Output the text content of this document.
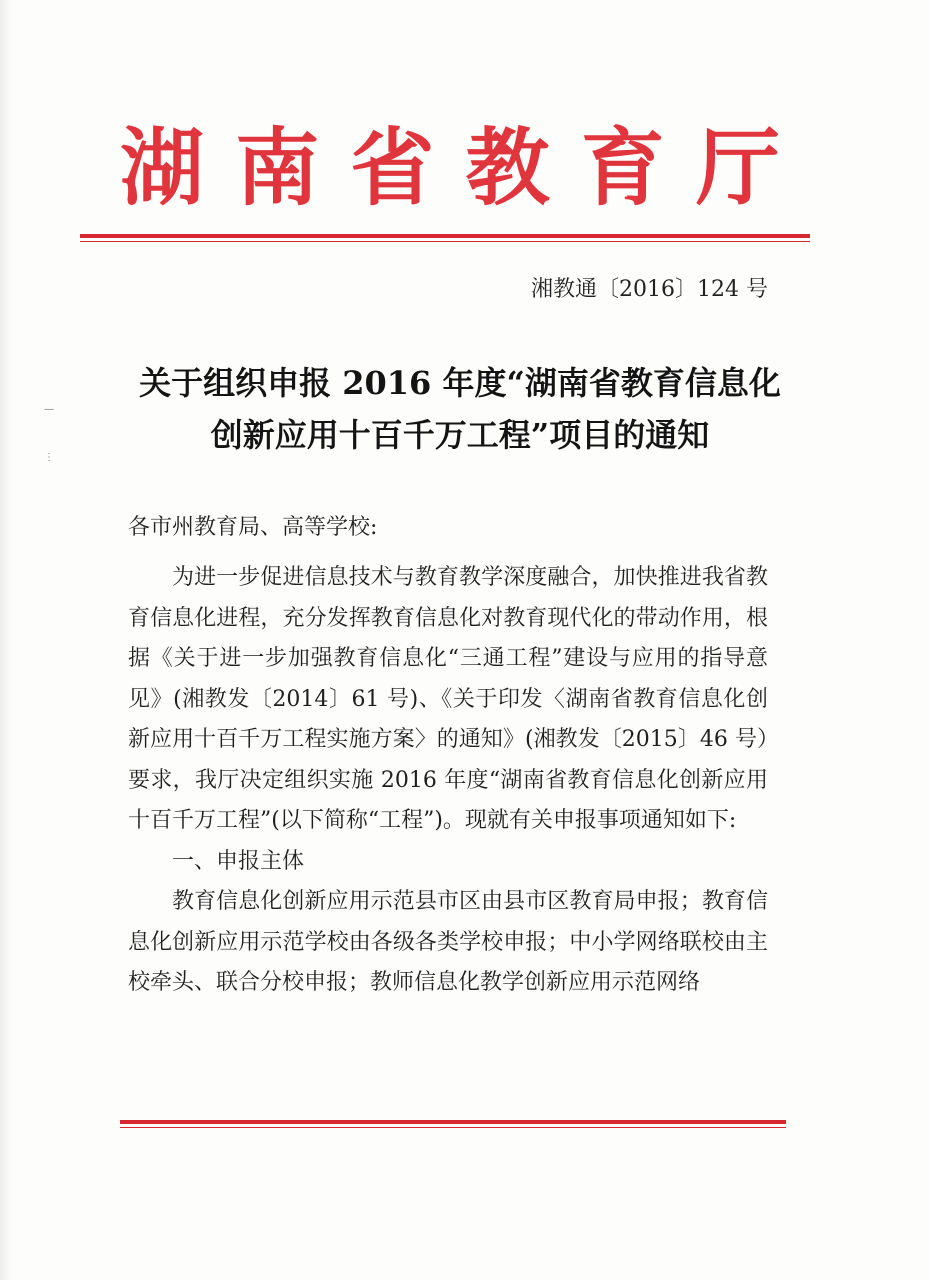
—
⋮
湖 南 省 教 育 厅
湘教通〔2016〕124 号
关于组织申报 2016 年度“湖南省教育信息化
创新应用十百千万工程”项目的通知
各市州教育局、高等学校:

为进一步促进信息技术与教育教学深度融合，加快推进我省教育信息化进程，充分发挥教育信息化对教育现代化的带动作用，根据《关于进一步加强教育信息化“三通工程”建设与应用的指导意见》(湘教发〔2014〕61 号)、《关于印发〈湖南省教育信息化创新应用十百千万工程实施方案〉的通知》(湘教发〔2015〕46 号）要求，我厅决定组织实施 2016 年度“湖南省教育信息化创新应用十百千万工程”(以下简称“工程”)。现就有关申报事项通知如下:

一、申报主体

教育信息化创新应用示范县市区由县市区教育局申报；教育信息化创新应用示范学校由各级各类学校申报；中小学网络联校由主校牵头、联合分校申报；教师信息化教学创新应用示范网络
